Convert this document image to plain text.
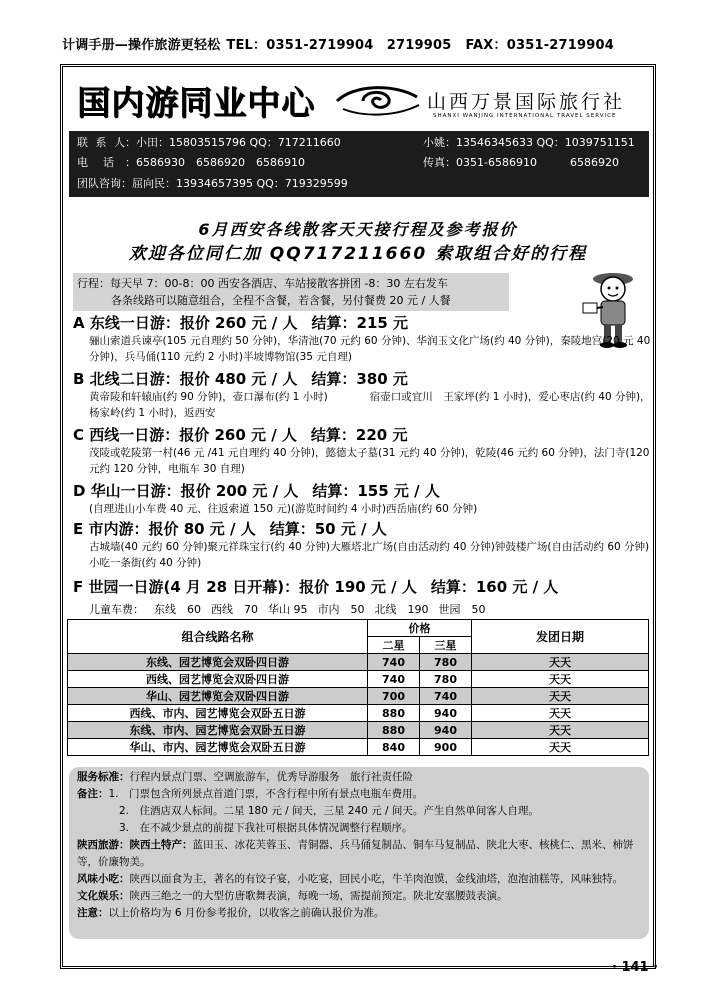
计调手册—操作旅游更轻松 TEL：0351-2719904　2719905 FAX：0351-2719904
国内游同业中心	山西万景国际旅行社
SHANXI WANJING INTERNATIONAL TRAVEL SERVICE
联 系 人：小田：15803515796 QQ：717211660	小姚：13546345633 QQ：1039751151
电　话 ：6586930　6586920　6586910	传真：0351-6586910　　　6586920
团队咨询：屈向民：13934657395 QQ：719329599
6月西安各线散客天天接行程及参考报价
欢迎各位同仁加 QQ717211660 索取组合好的行程
行程：每天早 7：00-8：00 西安各酒店、车站接散客拼团 -8：30 左右发车
各条线路可以随意组合，全程不含餐，若含餐，另付餐费 20 元 / 人餐
A 东线一日游：报价 260 元 / 人 结算：215 元
骊山索道兵谏亭(105 元自理约 50 分钟)，华清池(70 元约 60 分钟)、华润玉文化广场(约 40 分钟)，秦陵地宫(20 元 40 分钟)，兵马俑(110 元约 2 小时)半坡博物馆(35 元自理)
B 北线二日游：报价 480 元 / 人 结算：380 元
黄帝陵和轩辕庙(约 90 分钟)，壶口瀑布(约 1 小时)　　　　宿壶口或宜川　王家坪(约 1 小时)，爱心枣店(约 40 分钟)，杨家岭(约 1 小时)，返西安
C 西线一日游：报价 260 元 / 人 结算：220 元
茂陵或乾陵第一村(46 元 /41 元自理约 40 分钟)，懿德太子墓(31 元约 40 分钟)，乾陵(46 元约 60 分钟)，法门寺(120 元约 120 分钟，电瓶车 30 自理)
D 华山一日游：报价 200 元 / 人 结算：155 元 / 人
(自理进山小车费 40 元、往返索道 150 元)(游览时间约 4 小时)西岳庙(约 60 分钟)
E 市内游：报价 80 元 / 人 结算：50 元 / 人
古城墙(40 元约 60 分钟)聚元祥珠宝行(约 40 分钟)大雁塔北广场(自由活动约 40 分钟)钟鼓楼广场(自由活动约 60 分钟)小吃一条街(约 40 分钟)
F 世园一日游(4 月 28 日开幕)：报价 190 元 / 人 结算：160 元 / 人
儿童车费： 东线　60 西线　70 华山 95 市内　50 北线　190 世园　50
组合线路名称	价格		发团日期
	二星	三星	
东线、园艺博览会双卧四日游	740	780	天天
西线、园艺博览会双卧四日游	740	780	天天
华山、园艺博览会双卧四日游	700	740	天天
西线、市内、园艺博览会双卧五日游	880	940	天天
东线、市内、园艺博览会双卧五日游	880	940	天天
华山、市内、园艺博览会双卧五日游	840	900	天天
服务标准：行程内景点门票、空调旅游车，优秀导游服务　旅行社责任险
备注：1.　门票包含所列景点首道门票，不含行程中所有景点电瓶车费用。
2.　住酒店双人标间。二星 180 元 / 间天，三星 240 元 / 间天。产生自然单间客人自理。
3.　在不减少景点的前提下我社可根据具体情况调整行程顺序。
陕西旅游：陕西土特产：蓝田玉、冰花芙蓉玉、青铜器、兵马俑复制品、铜车马复制品、陕北大枣、核桃仁、黑米、柿饼等，价廉物美。
风味小吃：陕西以面食为主，著名的有饺子宴，小吃宴，回民小吃，牛羊肉泡馍，金线油塔，泡泡油糕等，风味独特。
文化娱乐：陕西三绝之一的大型仿唐歌舞表演，每晚一场，需提前预定。陕北安塞腰鼓表演。
注意：以上价格均为 6 月份参考报价，以收客之前确认报价为准。
· 141 ·
